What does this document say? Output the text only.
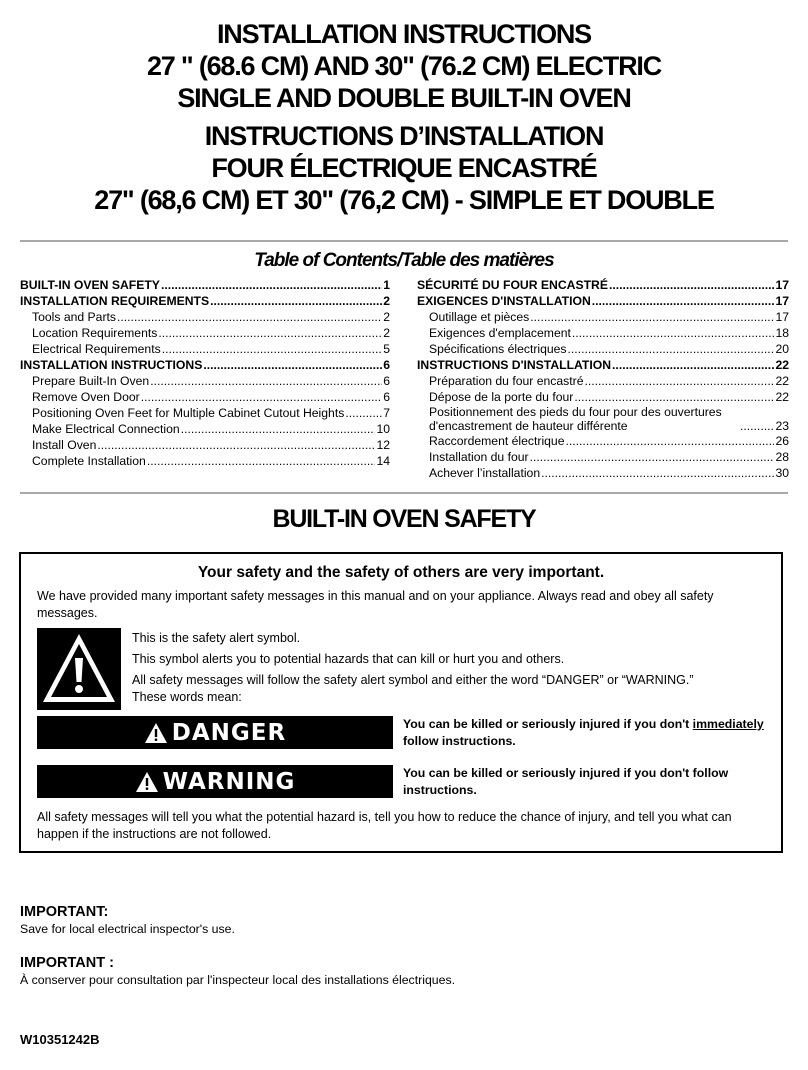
INSTALLATION INSTRUCTIONS
27 " (68.6 CM) AND 30" (76.2 CM) ELECTRIC
SINGLE AND DOUBLE BUILT-IN OVEN
INSTRUCTIONS D’INSTALLATION
FOUR ÉLECTRIQUE ENCASTRÉ
27" (68,6 CM) ET 30" (76,2 CM) - SIMPLE ET DOUBLE
Table of Contents/Table des matières
BUILT-IN OVEN SAFETY .....	1
INSTALLATION REQUIREMENTS .....	2
Tools and Parts .....	2
Location Requirements .....	2
Electrical Requirements .....	5
INSTALLATION INSTRUCTIONS .....	6
Prepare Built-In Oven .....	6
Remove Oven Door .....	6
Positioning Oven Feet for Multiple Cabinet Cutout Heights .....	7
Make Electrical Connection .....	10
Install Oven .....	12
Complete Installation .....	14
SÉCURITÉ DU FOUR ENCASTRÉ .....	17
EXIGENCES D'INSTALLATION .....	17
Outillage et pièces .....	17
Exigences d'emplacement .....	18
Spécifications électriques .....	20
INSTRUCTIONS D'INSTALLATION .....	22
Préparation du four encastré .....	22
Dépose de la porte du four .....	22
Positionnement des pieds du four pour des ouvertures d'encastrement de hauteur différente .....	23
Raccordement électrique .....	26
Installation du four .....	28
Achever l’installation .....	30
BUILT-IN OVEN SAFETY
Your safety and the safety of others are very important.
We have provided many important safety messages in this manual and on your appliance. Always read and obey all safety messages.

This is the safety alert symbol.

This symbol alerts you to potential hazards that can kill or hurt you and others.

All safety messages will follow the safety alert symbol and either the word “DANGER” or “WARNING.”
These words mean:

DANGER	You can be killed or seriously injured if you don't immediately
follow instructions.
WARNING	You can be killed or seriously injured if you don't follow instructions.
All safety messages will tell you what the potential hazard is, tell you how to reduce the chance of injury, and tell you what can happen if the instructions are not followed.
IMPORTANT:
Save for local electrical inspector's use.
IMPORTANT :
À conserver pour consultation par l'inspecteur local des installations électriques.
W10351242B
